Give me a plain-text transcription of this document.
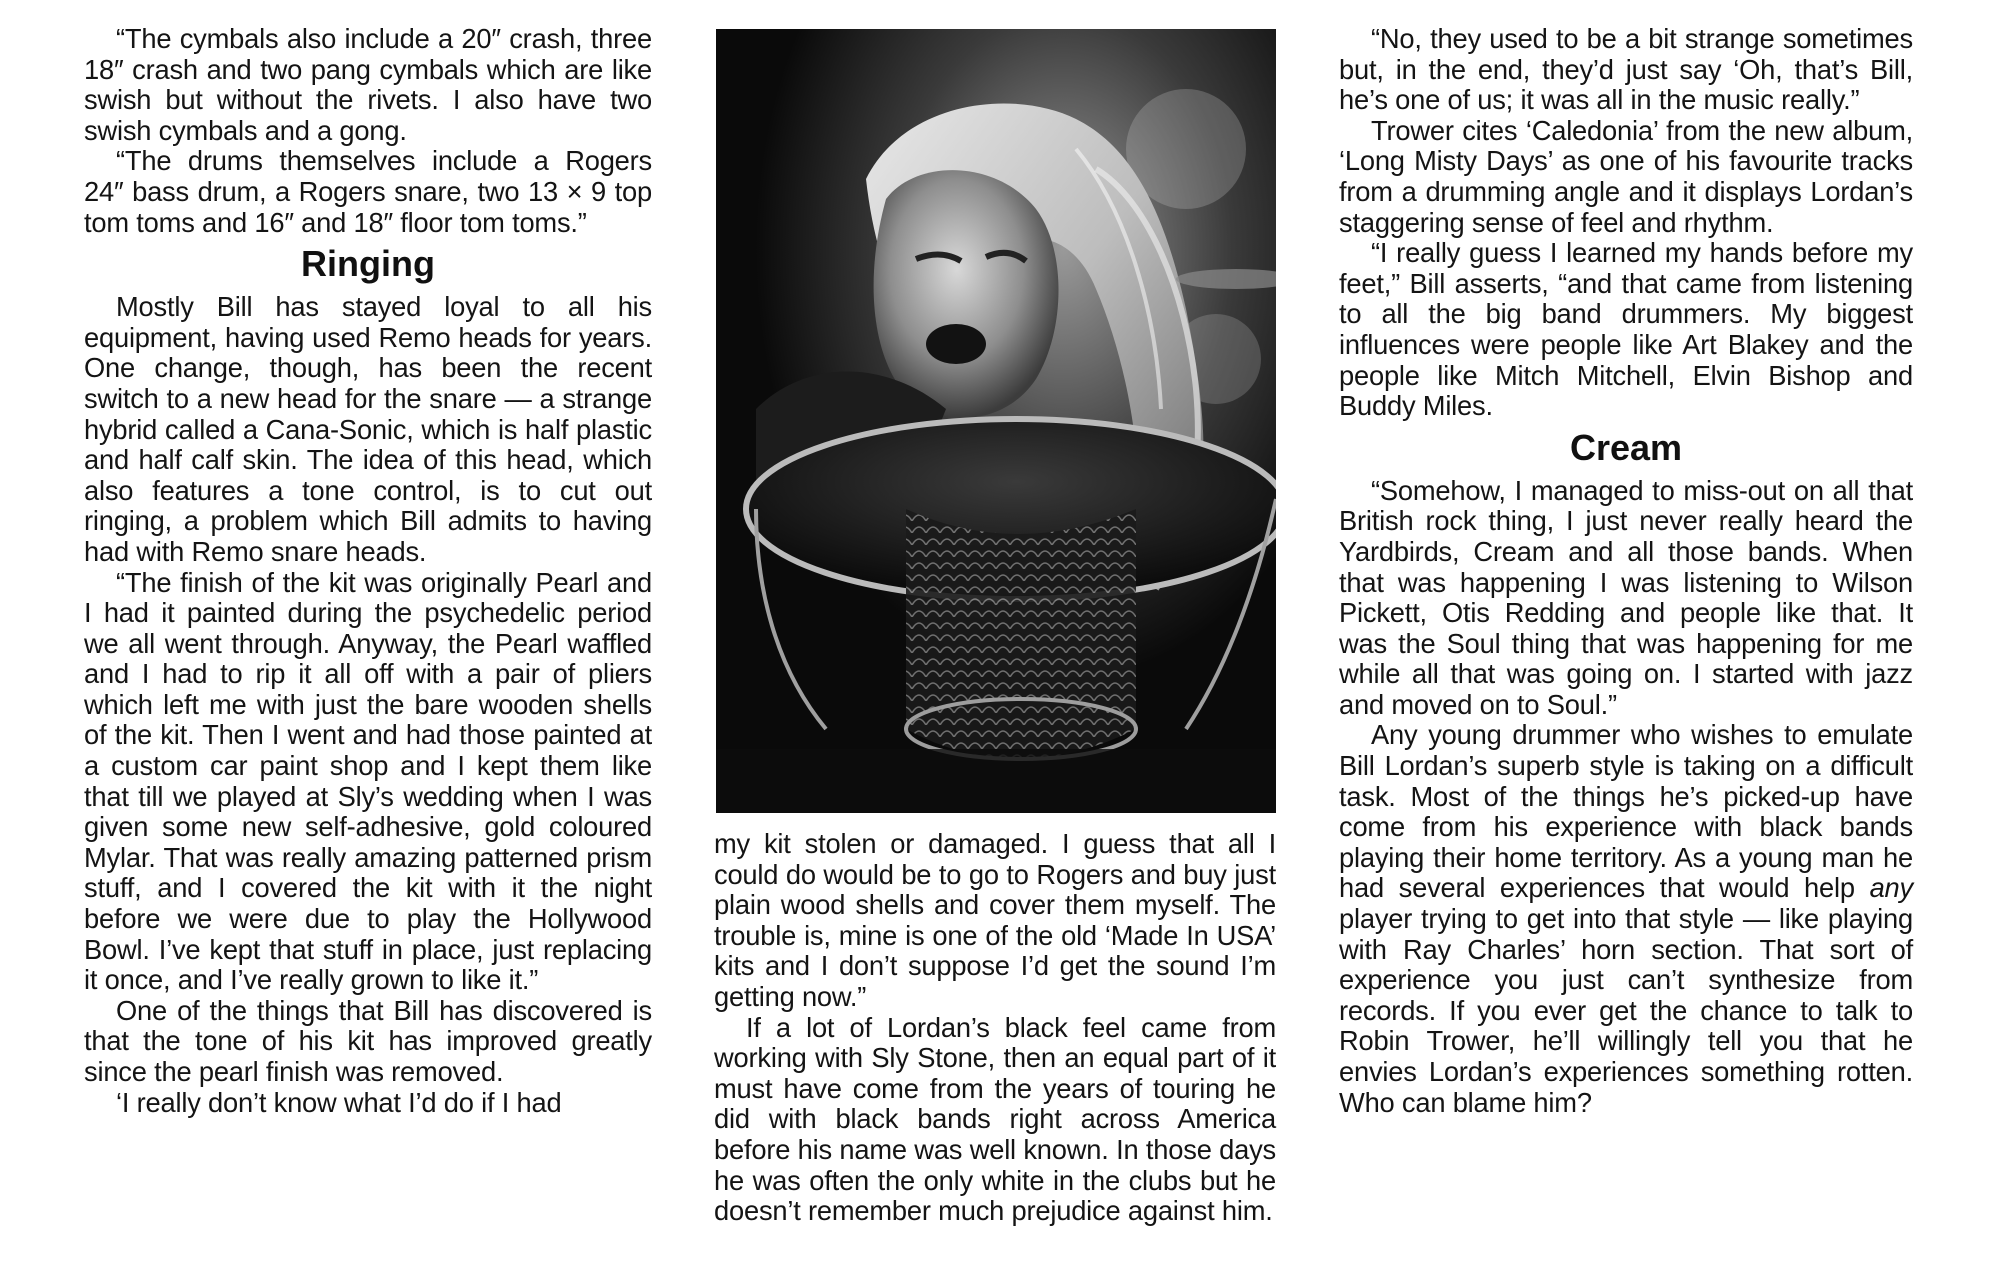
“The cymbals also include a 20″ crash, three 18″ crash and two pang cymbals which are like swish but without the rivets. I also have two swish cymbals and a gong.

“The drums themselves include a Rogers 24″ bass drum, a Rogers snare, two 13 × 9 top tom toms and 16″ and 18″ floor tom toms.”

Ringing

Mostly Bill has stayed loyal to all his equipment, having used Remo heads for years. One change, though, has been the recent switch to a new head for the snare — a strange hybrid called a Cana-Sonic, which is half plastic and half calf skin. The idea of this head, which also features a tone control, is to cut out ringing, a problem which Bill admits to having had with Remo snare heads.

“The finish of the kit was originally Pearl and I had it painted during the psychedelic period we all went through. Anyway, the Pearl waffled and I had to rip it all off with a pair of pliers which left me with just the bare wooden shells of the kit. Then I went and had those painted at a custom car paint shop and I kept them like that till we played at Sly’s wedding when I was given some new self-adhesive, gold coloured Mylar. That was really amazing patterned prism stuff, and I covered the kit with it the night before we were due to play the Hollywood Bowl. I’ve kept that stuff in place, just replacing it once, and I’ve really grown to like it.”

One of the things that Bill has discovered is that the tone of his kit has improved greatly since the pearl finish was removed.

‘I really don’t know what I’d do if I had

my kit stolen or damaged. I guess that all I could do would be to go to Rogers and buy just plain wood shells and cover them myself. The trouble is, mine is one of the old ‘Made In USA’ kits and I don’t suppose I’d get the sound I’m getting now.”

If a lot of Lordan’s black feel came from working with Sly Stone, then an equal part of it must have come from the years of touring he did with black bands right across America before his name was well known. In those days he was often the only white in the clubs but he doesn’t remember much prejudice against him.

“No, they used to be a bit strange sometimes but, in the end, they’d just say ‘Oh, that’s Bill, he’s one of us; it was all in the music really.”

Trower cites ‘Caledonia’ from the new album, ‘Long Misty Days’ as one of his favourite tracks from a drumming angle and it displays Lordan’s staggering sense of feel and rhythm.

“I really guess I learned my hands before my feet,” Bill asserts, “and that came from listening to all the big band drummers. My biggest influences were people like Art Blakey and the people like Mitch Mitchell, Elvin Bishop and Buddy Miles.

Cream

“Somehow, I managed to miss-out on all that British rock thing, I just never really heard the Yardbirds, Cream and all those bands. When that was happening I was listening to Wilson Pickett, Otis Redding and people like that. It was the Soul thing that was happening for me while all that was going on. I started with jazz and moved on to Soul.”

Any young drummer who wishes to emulate Bill Lordan’s superb style is taking on a difficult task. Most of the things he’s picked-up have come from his experience with black bands playing their home territory. As a young man he had several experiences that would help any player trying to get into that style — like playing with Ray Charles’ horn section. That sort of experience you just can’t synthesize from records. If you ever get the chance to talk to Robin Trower, he’ll willingly tell you that he envies Lordan’s experiences something rotten. Who can blame him?
